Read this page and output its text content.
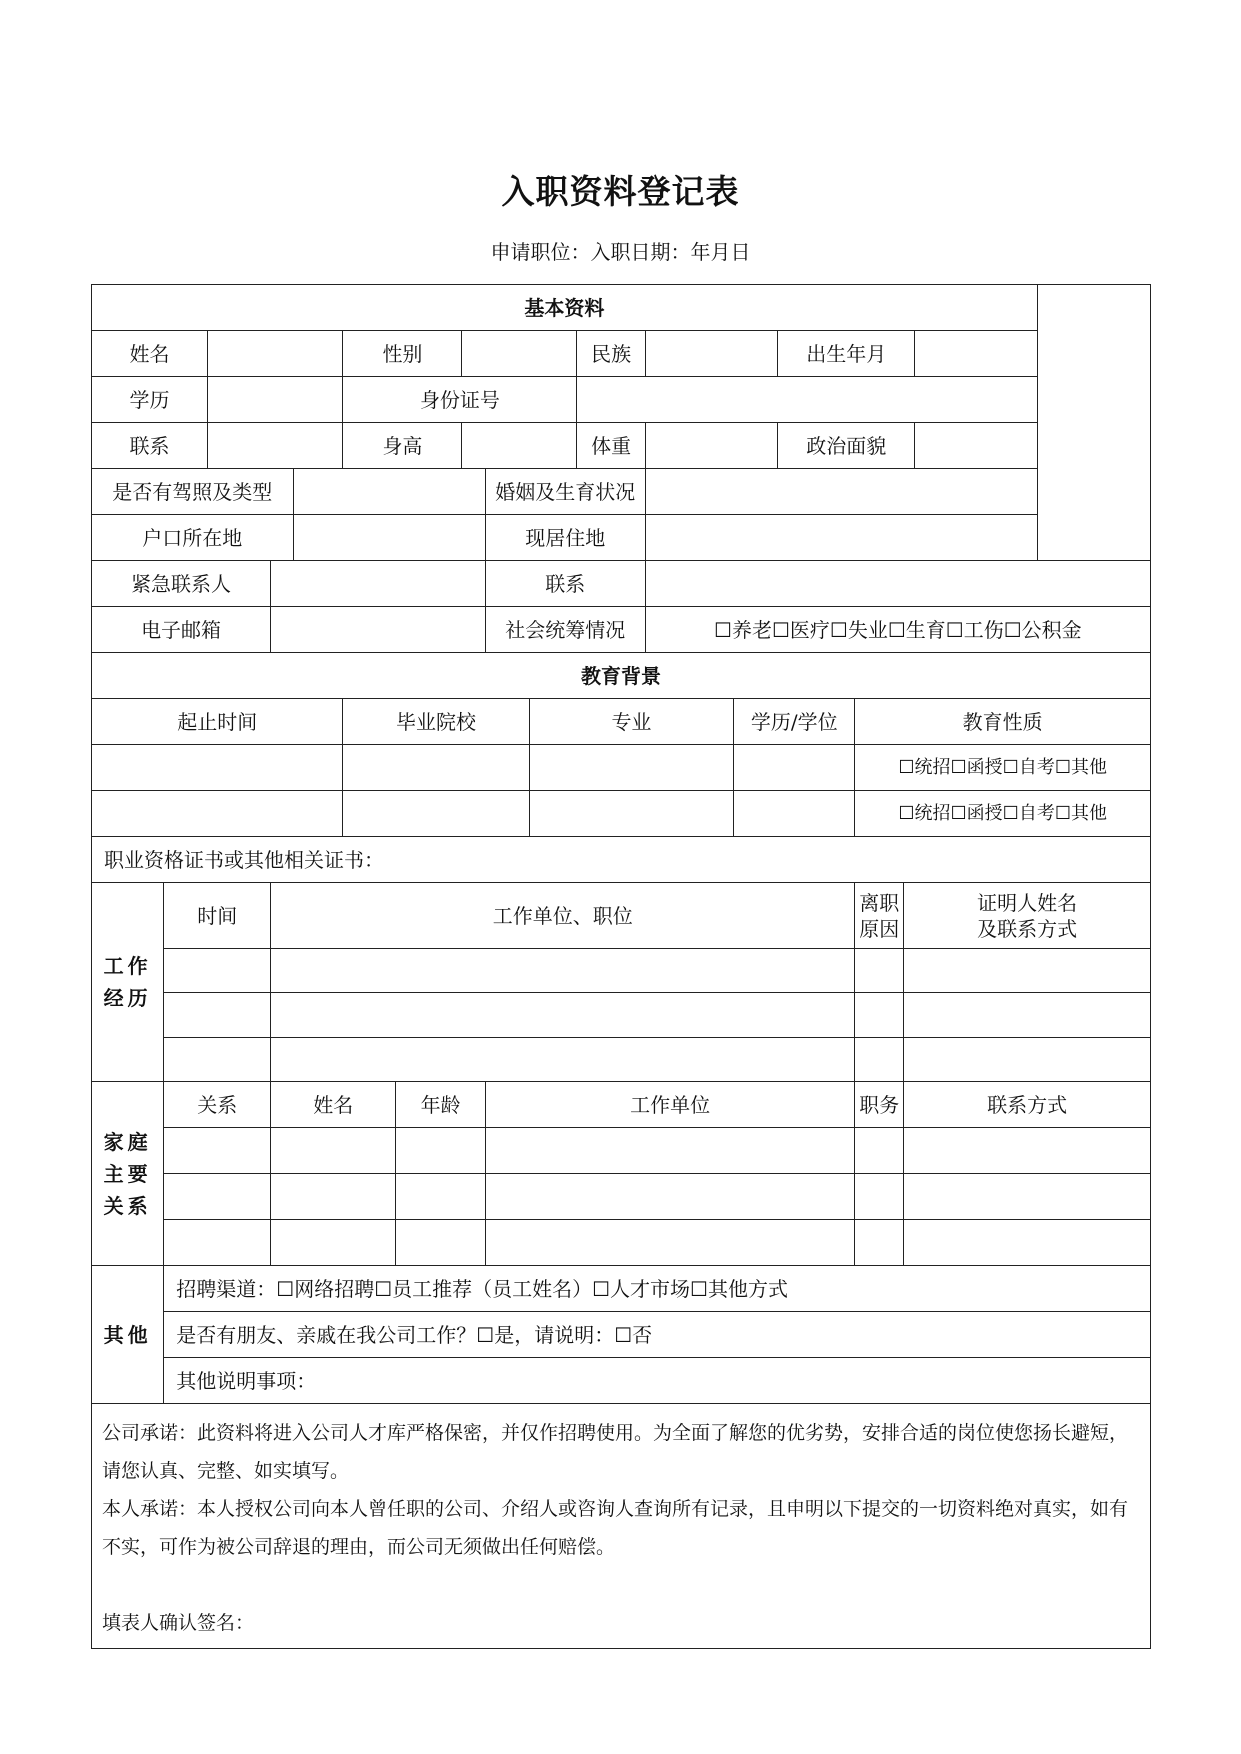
入职资料登记表
申请职位：入职日期：年月日
基本资料																	
姓名					性别					民族			出生年月				
学历					身份证号												
联系					身高					体重			政治面貌				
是否有驾照及类型								婚姻及生育状况									
户口所在地								现居住地									
紧急联系人								联系									
电子邮箱								社会统筹情况			☐养老☐医疗☐失业☐生育☐工伤☐公积金						
教育背景																	
起止时间					毕业院校				专业			学历/学位		教育性质			
														☐统招☐函授☐自考☐其他			
														☐统招☐函授☐自考☐其他			
职业资格证书或其他相关证书：																	
工作经历	时间		工作单位、职位											离职原因	证明人姓名
及联系方式		

家庭主要关系	关系		姓名			年龄		工作单位						职务	联系方式		

其他	招聘渠道：☐网络招聘☐员工推荐（员工姓名）☐人才市场☐其他方式																
	是否有朋友、亲戚在我公司工作？☐是，请说明：☐否																
	其他说明事项：																

公司承诺：此资料将进入公司人才库严格保密，并仅作招聘使用。为全面了解您的优劣势，安排合适的岗位使您扬长避短，请您认真、完整、如实填写。

本人承诺：本人授权公司向本人曾任职的公司、介绍人或咨询人查询所有记录，且申明以下提交的一切资料绝对真实，如有不实，可作为被公司辞退的理由，而公司无须做出任何赔偿。

填表人确认签名：																	
